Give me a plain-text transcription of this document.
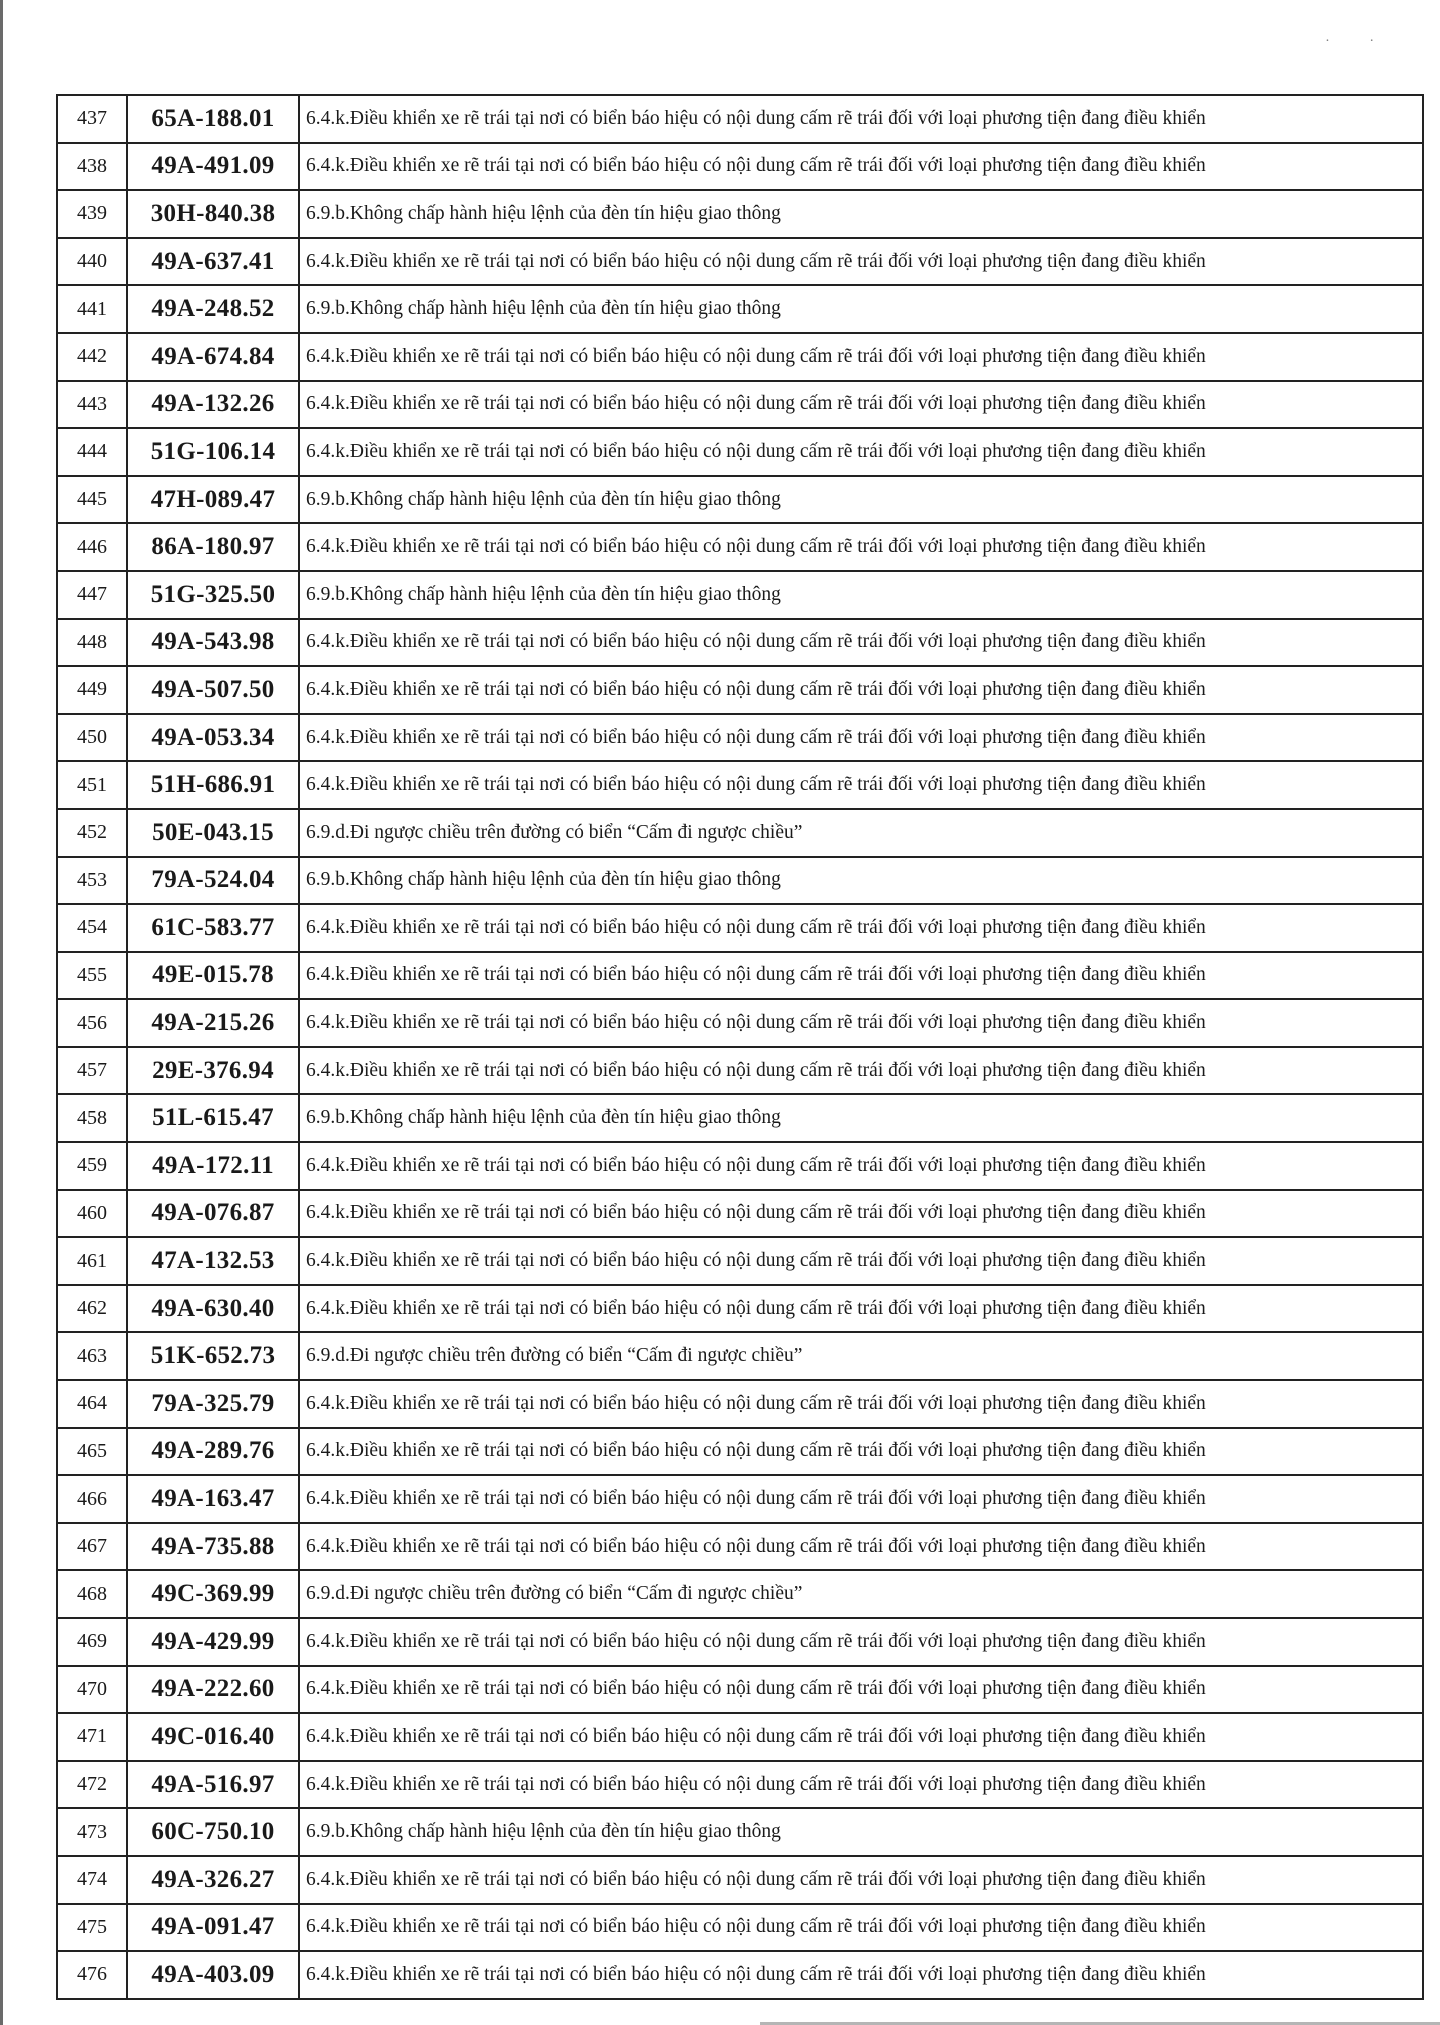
· ·
437	65A-188.01	6.4.k.Điều khiển xe rẽ trái tại nơi có biển báo hiệu có nội dung cấm rẽ trái đối với loại phương tiện đang điều khiển
438	49A-491.09	6.4.k.Điều khiển xe rẽ trái tại nơi có biển báo hiệu có nội dung cấm rẽ trái đối với loại phương tiện đang điều khiển
439	30H-840.38	6.9.b.Không chấp hành hiệu lệnh của đèn tín hiệu giao thông
440	49A-637.41	6.4.k.Điều khiển xe rẽ trái tại nơi có biển báo hiệu có nội dung cấm rẽ trái đối với loại phương tiện đang điều khiển
441	49A-248.52	6.9.b.Không chấp hành hiệu lệnh của đèn tín hiệu giao thông
442	49A-674.84	6.4.k.Điều khiển xe rẽ trái tại nơi có biển báo hiệu có nội dung cấm rẽ trái đối với loại phương tiện đang điều khiển
443	49A-132.26	6.4.k.Điều khiển xe rẽ trái tại nơi có biển báo hiệu có nội dung cấm rẽ trái đối với loại phương tiện đang điều khiển
444	51G-106.14	6.4.k.Điều khiển xe rẽ trái tại nơi có biển báo hiệu có nội dung cấm rẽ trái đối với loại phương tiện đang điều khiển
445	47H-089.47	6.9.b.Không chấp hành hiệu lệnh của đèn tín hiệu giao thông
446	86A-180.97	6.4.k.Điều khiển xe rẽ trái tại nơi có biển báo hiệu có nội dung cấm rẽ trái đối với loại phương tiện đang điều khiển
447	51G-325.50	6.9.b.Không chấp hành hiệu lệnh của đèn tín hiệu giao thông
448	49A-543.98	6.4.k.Điều khiển xe rẽ trái tại nơi có biển báo hiệu có nội dung cấm rẽ trái đối với loại phương tiện đang điều khiển
449	49A-507.50	6.4.k.Điều khiển xe rẽ trái tại nơi có biển báo hiệu có nội dung cấm rẽ trái đối với loại phương tiện đang điều khiển
450	49A-053.34	6.4.k.Điều khiển xe rẽ trái tại nơi có biển báo hiệu có nội dung cấm rẽ trái đối với loại phương tiện đang điều khiển
451	51H-686.91	6.4.k.Điều khiển xe rẽ trái tại nơi có biển báo hiệu có nội dung cấm rẽ trái đối với loại phương tiện đang điều khiển
452	50E-043.15	6.9.d.Đi ngược chiều trên đường có biển “Cấm đi ngược chiều”
453	79A-524.04	6.9.b.Không chấp hành hiệu lệnh của đèn tín hiệu giao thông
454	61C-583.77	6.4.k.Điều khiển xe rẽ trái tại nơi có biển báo hiệu có nội dung cấm rẽ trái đối với loại phương tiện đang điều khiển
455	49E-015.78	6.4.k.Điều khiển xe rẽ trái tại nơi có biển báo hiệu có nội dung cấm rẽ trái đối với loại phương tiện đang điều khiển
456	49A-215.26	6.4.k.Điều khiển xe rẽ trái tại nơi có biển báo hiệu có nội dung cấm rẽ trái đối với loại phương tiện đang điều khiển
457	29E-376.94	6.4.k.Điều khiển xe rẽ trái tại nơi có biển báo hiệu có nội dung cấm rẽ trái đối với loại phương tiện đang điều khiển
458	51L-615.47	6.9.b.Không chấp hành hiệu lệnh của đèn tín hiệu giao thông
459	49A-172.11	6.4.k.Điều khiển xe rẽ trái tại nơi có biển báo hiệu có nội dung cấm rẽ trái đối với loại phương tiện đang điều khiển
460	49A-076.87	6.4.k.Điều khiển xe rẽ trái tại nơi có biển báo hiệu có nội dung cấm rẽ trái đối với loại phương tiện đang điều khiển
461	47A-132.53	6.4.k.Điều khiển xe rẽ trái tại nơi có biển báo hiệu có nội dung cấm rẽ trái đối với loại phương tiện đang điều khiển
462	49A-630.40	6.4.k.Điều khiển xe rẽ trái tại nơi có biển báo hiệu có nội dung cấm rẽ trái đối với loại phương tiện đang điều khiển
463	51K-652.73	6.9.d.Đi ngược chiều trên đường có biển “Cấm đi ngược chiều”
464	79A-325.79	6.4.k.Điều khiển xe rẽ trái tại nơi có biển báo hiệu có nội dung cấm rẽ trái đối với loại phương tiện đang điều khiển
465	49A-289.76	6.4.k.Điều khiển xe rẽ trái tại nơi có biển báo hiệu có nội dung cấm rẽ trái đối với loại phương tiện đang điều khiển
466	49A-163.47	6.4.k.Điều khiển xe rẽ trái tại nơi có biển báo hiệu có nội dung cấm rẽ trái đối với loại phương tiện đang điều khiển
467	49A-735.88	6.4.k.Điều khiển xe rẽ trái tại nơi có biển báo hiệu có nội dung cấm rẽ trái đối với loại phương tiện đang điều khiển
468	49C-369.99	6.9.d.Đi ngược chiều trên đường có biển “Cấm đi ngược chiều”
469	49A-429.99	6.4.k.Điều khiển xe rẽ trái tại nơi có biển báo hiệu có nội dung cấm rẽ trái đối với loại phương tiện đang điều khiển
470	49A-222.60	6.4.k.Điều khiển xe rẽ trái tại nơi có biển báo hiệu có nội dung cấm rẽ trái đối với loại phương tiện đang điều khiển
471	49C-016.40	6.4.k.Điều khiển xe rẽ trái tại nơi có biển báo hiệu có nội dung cấm rẽ trái đối với loại phương tiện đang điều khiển
472	49A-516.97	6.4.k.Điều khiển xe rẽ trái tại nơi có biển báo hiệu có nội dung cấm rẽ trái đối với loại phương tiện đang điều khiển
473	60C-750.10	6.9.b.Không chấp hành hiệu lệnh của đèn tín hiệu giao thông
474	49A-326.27	6.4.k.Điều khiển xe rẽ trái tại nơi có biển báo hiệu có nội dung cấm rẽ trái đối với loại phương tiện đang điều khiển
475	49A-091.47	6.4.k.Điều khiển xe rẽ trái tại nơi có biển báo hiệu có nội dung cấm rẽ trái đối với loại phương tiện đang điều khiển
476	49A-403.09	6.4.k.Điều khiển xe rẽ trái tại nơi có biển báo hiệu có nội dung cấm rẽ trái đối với loại phương tiện đang điều khiển
